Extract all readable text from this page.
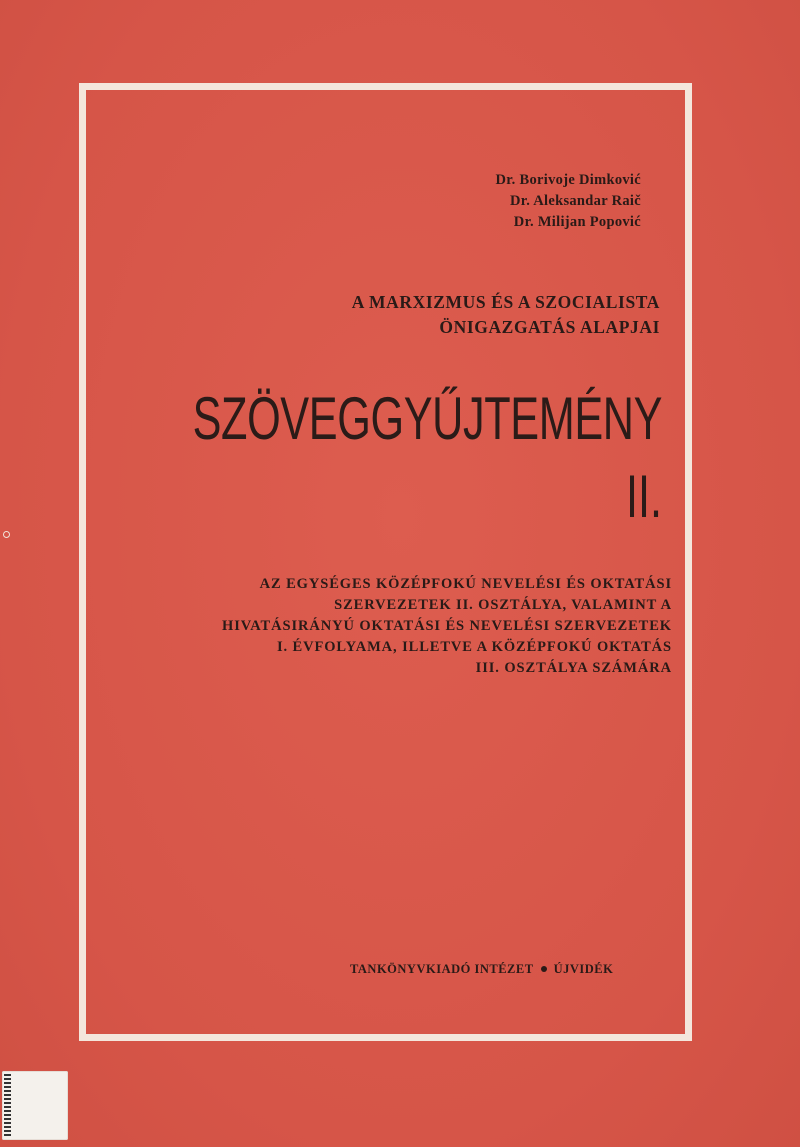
Dr. Borivoje Dimković
Dr. Aleksandar Raič
Dr. Milijan Popović
A MARXIZMUS ÉS A SZOCIALISTA
ÖNIGAZGATÁS ALAPJAI
SZÖVEGGYŰJTEMÉNY
II.
AZ EGYSÉGES KÖZÉPFOKÚ NEVELÉSI ÉS OKTATÁSI
SZERVEZETEK II. OSZTÁLYA, VALAMINT A
HIVATÁSIRÁNYÚ OKTATÁSI ÉS NEVELÉSI SZERVEZETEK
I. ÉVFOLYAMA, ILLETVE A KÖZÉPFOKÚ OKTATÁS
III. OSZTÁLYA SZÁMÁRA
TANKÖNYVKIADÓ INTÉZET ÚJVIDÉK
